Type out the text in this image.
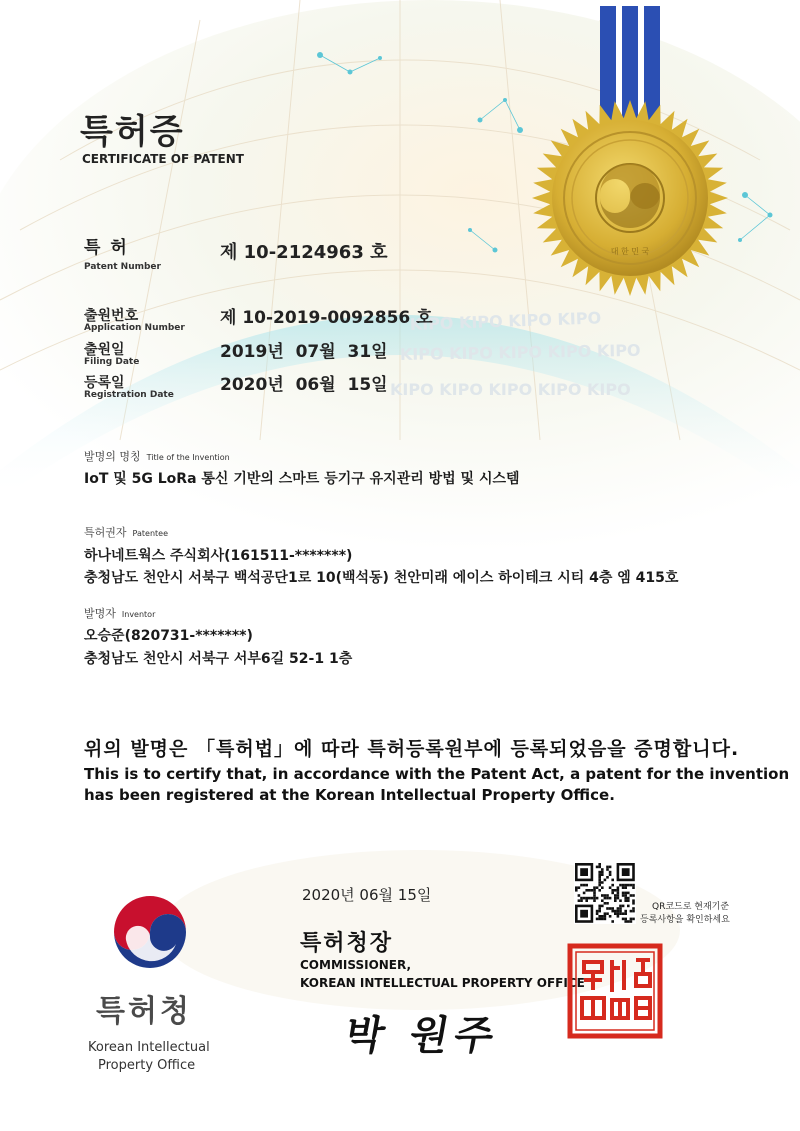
KIPO KIPO KIPO KIPO
KIPO KIPO KIPO KIPO KIPO
KIPO KIPO KIPO KIPO KIPO
대 한 민 국
특허증
CERTIFICATE OF PATENT
특 허
Patent Number
제 10-2124963 호
출원번호
Application Number 제 10-2019-0092856 호
출원일
Filing Date	2019년  07월  31일
등록일
Registration Date	2020년  06월  15일
발명의 명칭 Title of the Invention
IoT 및 5G LoRa 통신 기반의 스마트 등기구 유지관리 방법 및 시스템
특허권자 Patentee
하나네트웍스 주식회사(161511-*******)
충청남도 천안시 서북구 백석공단1로 10(백석동) 천안미래 에이스 하이테크 시티 4층 엠 415호
발명자 Inventor
오승준(820731-*******)
충청남도 천안시 서북구 서부6길 52-1 1층
위의 발명은 「특허법」에 따라 특허등록원부에 등록되었음을 증명합니다.
This is to certify that, in accordance with the Patent Act, a patent for the invention
has been registered at the Korean Intellectual Property Office.
2020년 06월 15일
QR코드로 현재기준
등록사항을 확인하세요
특허청장
COMMISSIONER,
KOREAN INTELLECTUAL PROPERTY OFFICE
박 원주
특허청
Korean Intellectual
Property Office
